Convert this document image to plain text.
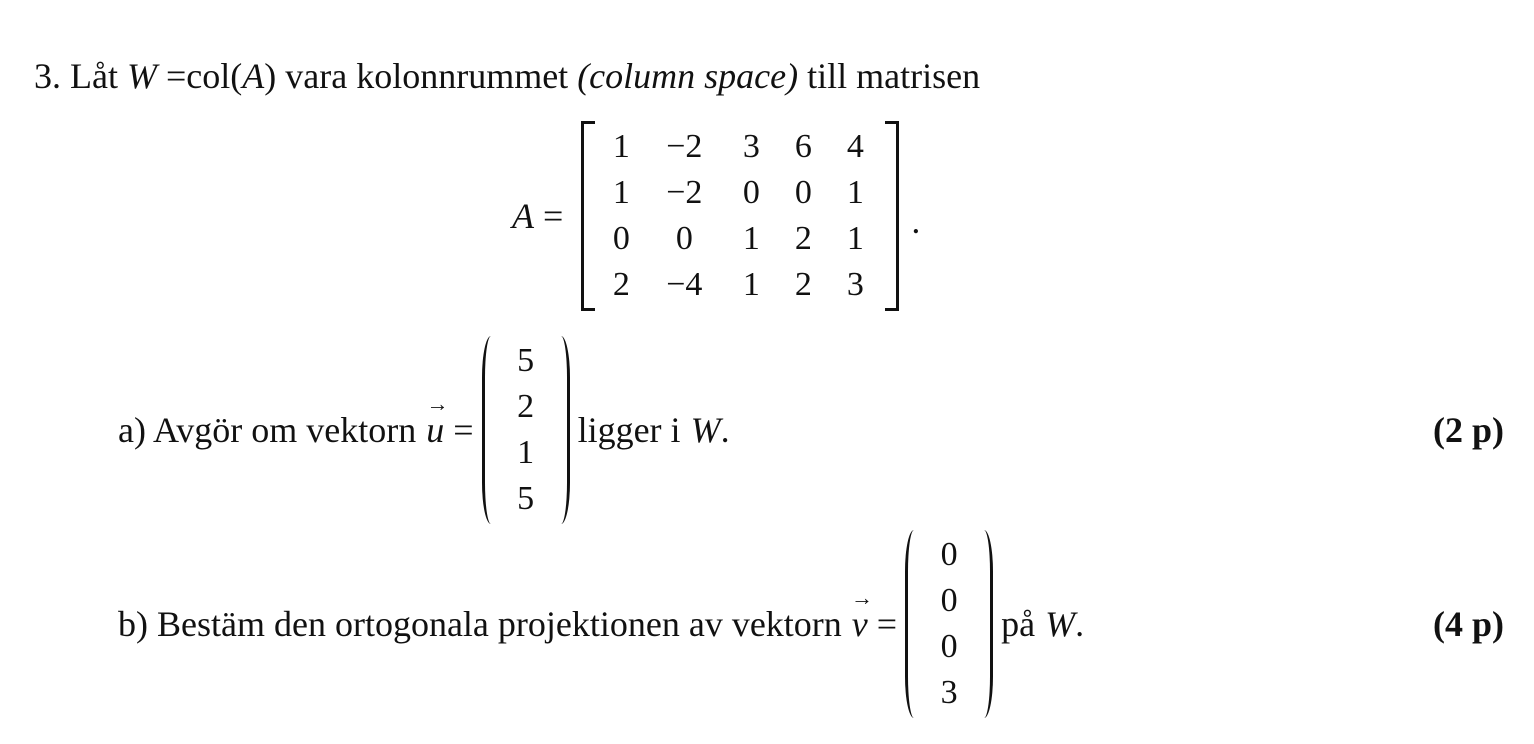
3. Låt W =col(A) vara kolonnrummet (column space) till matrisen
A =
1 −2 3 6 4
1 −2 0 0 1
0 0 1 2 1
2 −4 1 2 3
.
a) Avgör om vektorn → u =
5
2
1
5
ligger i W .	(2 p)
b) Bestäm den ortogonala projektionen av vektorn → v =
0
0
0
3
på W .	(4 p)
